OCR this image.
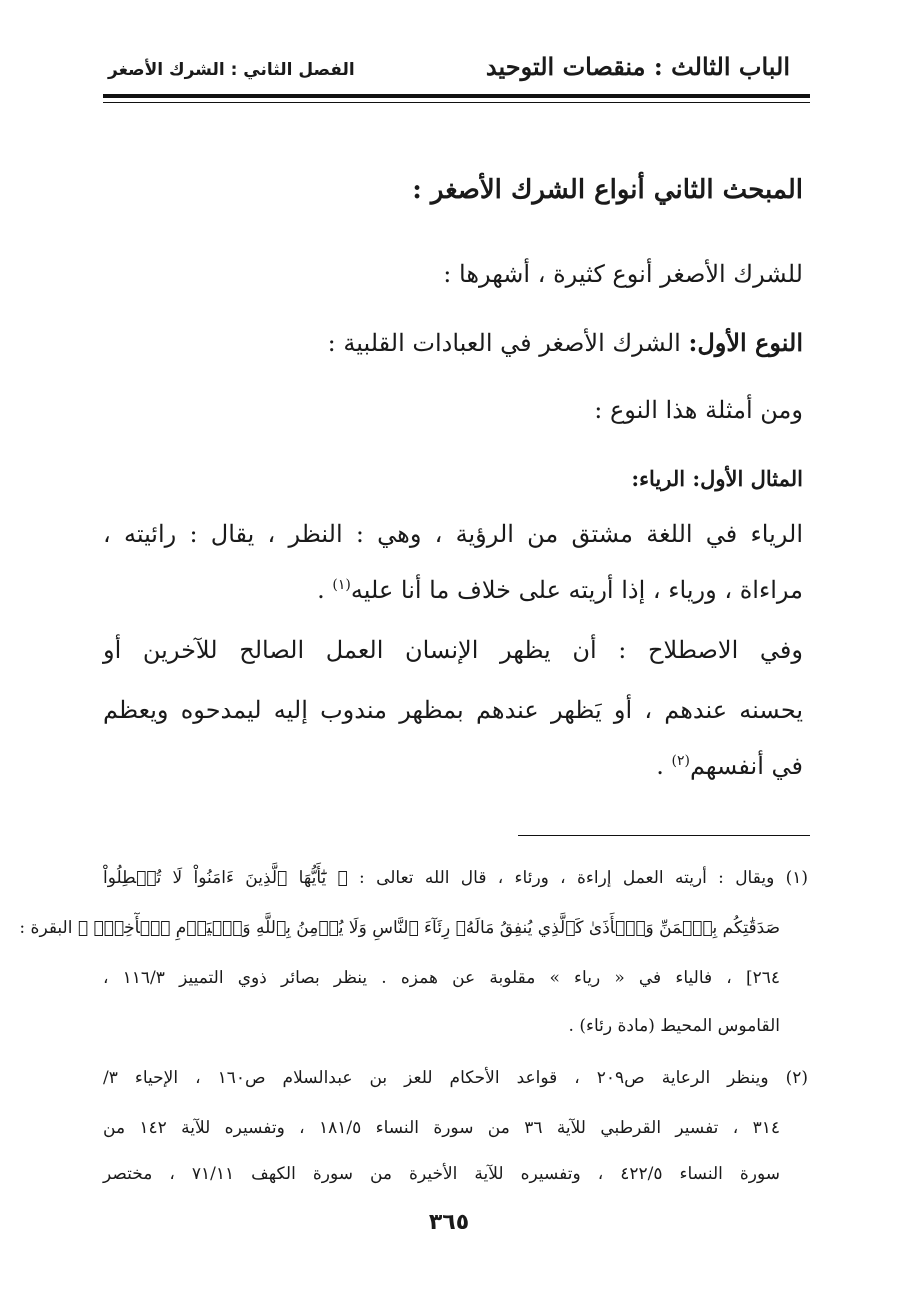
الباب الثالث : منقصات التوحيد
الفصل الثاني : الشرك الأصغر
المبحث الثاني أنواع الشرك الأصغر :
للشرك الأصغر أنوع كثيرة ، أشهرها :
النوع الأول: الشرك الأصغر في العبادات القلبية :
ومن أمثلة هذا النوع :
المثال الأول: الرياء:
الرياء في اللغة مشتق من الرؤية ، وهي : النظر ، يقال : رائيته ،
مراءاة ، ورياء ، إذا أريته على خلاف ما أنا عليه$^{(١)}$ .
وفي الاصطلاح : أن يظهر الإنسان العمل الصالح للآخرين أو
يحسنه عندهم ، أو يَظهر عندهم بمظهر مندوب إليه ليمدحوه ويعظم
في أنفسهم$^{(٢)}$ .
(١) ويقال : أريته العمل إراءة ، ورئاء ، قال الله تعالى : ﴿ يَٰٓأَيُّهَا ٱلَّذِينَ ءَامَنُواْ لَا تُبۡطِلُواْ
صَدَقَٰتِكُم بِٱلۡمَنِّ وَٱلۡأَذَىٰ كَٱلَّذِي يُنفِقُ مَالَهُۥ رِئَآءَ ٱلنَّاسِ وَلَا يُؤۡمِنُ بِٱللَّهِ وَٱلۡيَوۡمِ ٱلۡأٓخِرِۖ ﴾ البقرة :
٢٦٤] ، فالياء في « رياء » مقلوبة عن همزه . ينظر بصائر ذوي التمييز ١١٦/٣ ،
القاموس المحيط (مادة رئاء) .
(٢) وينظر الرعاية ص٢٠٩ ، قواعد الأحكام للعز بن عبدالسلام ص١٦٠ ، الإحياء ٣/
٣١٤ ، تفسير القرطبي للآية ٣٦ من سورة النساء ١٨١/٥ ، وتفسيره للآية ١٤٢ من
سورة النساء ٤٢٢/٥ ، وتفسيره للآية الأخيرة من سورة الكهف ٧١/١١ ، مختصر
٣٦٥
